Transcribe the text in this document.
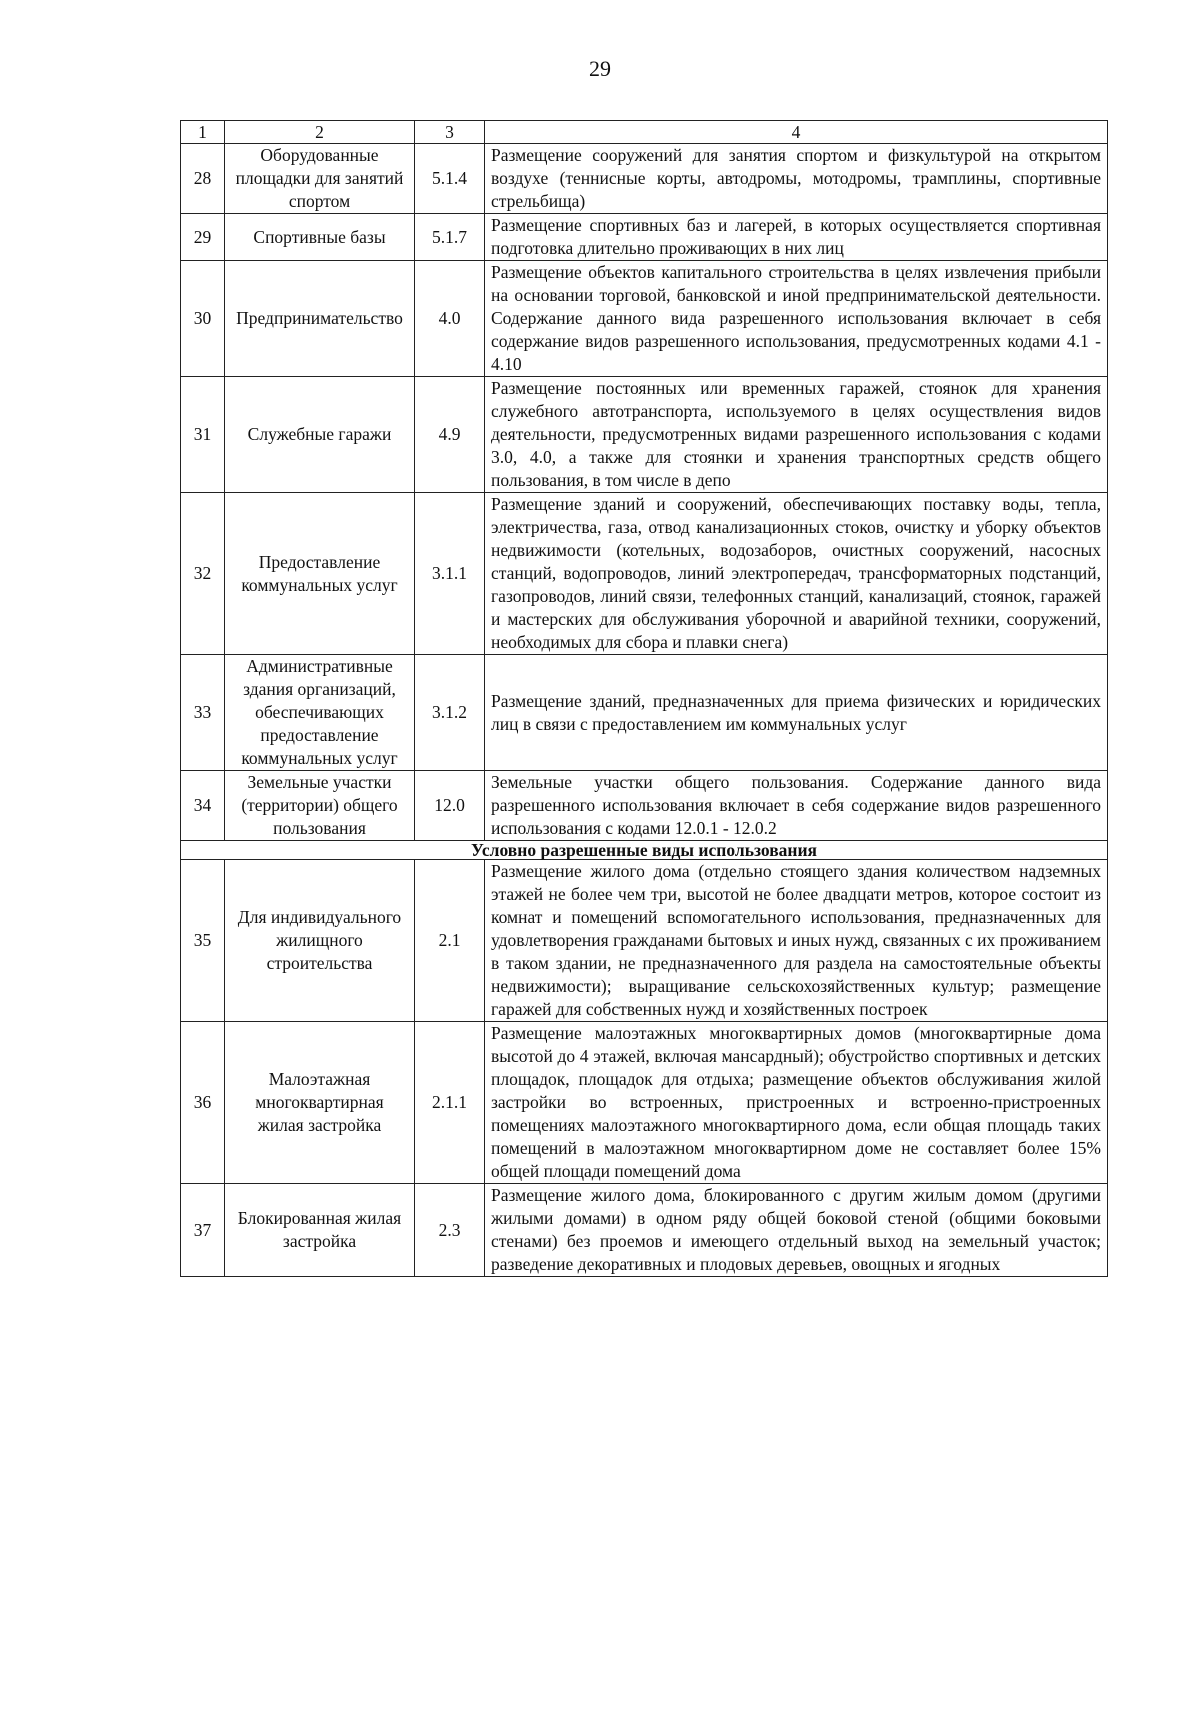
29
1	2	3	4
28	Оборудованные площадки для занятий спортом	5.1.4	Размещение сооружений для занятия спортом и физкультурой на открытом воздухе (теннисные корты, автодромы, мотодромы, трамплины, спортивные стрельбища)
29	Спортивные базы	5.1.7	Размещение спортивных баз и лагерей, в которых осуществляется спортивная подготовка длительно проживающих в них лиц
30	Предпринимательство	4.0	Размещение объектов капитального строительства в целях извлечения прибыли на основании торговой, банковской и иной предпринимательской деятельности. Содержание данного вида разрешенного использования включает в себя содержание видов разрешенного использования, предусмотренных кодами 4.1 - 4.10
31	Служебные гаражи	4.9	Размещение постоянных или временных гаражей, стоянок для хранения служебного автотранспорта, используемого в целях осуществления видов деятельности, предусмотренных видами разрешенного использования с кодами 3.0, 4.0, а также для стоянки и хранения транспортных средств общего пользования, в том числе в депо
32	Предоставление коммунальных услуг	3.1.1	Размещение зданий и сооружений, обеспечивающих поставку воды, тепла, электричества, газа, отвод канализационных стоков, очистку и уборку объектов недвижимости (котельных, водозаборов, очистных сооружений, насосных станций, водопроводов, линий электропередач, трансформаторных подстанций, газопроводов, линий связи, телефонных станций, канализаций, стоянок, гаражей и мастерских для обслуживания уборочной и аварийной техники, сооружений, необходимых для сбора и плавки снега)
33	Административные здания организаций, обеспечивающих предоставление коммунальных услуг	3.1.2	Размещение зданий, предназначенных для приема физических и юридических лиц в связи с предоставлением им коммунальных услуг
34	Земельные участки (территории) общего пользования	12.0	Земельные участки общего пользования. Содержание данного вида разрешенного использования включает в себя содержание видов разрешенного использования с кодами 12.0.1 - 12.0.2
Условно разрешенные виды использования			
35	Для индивидуального жилищного строительства	2.1	Размещение жилого дома (отдельно стоящего здания количеством надземных этажей не более чем три, высотой не более двадцати метров, которое состоит из комнат и помещений вспомогательного использования, предназначенных для удовлетворения гражданами бытовых и иных нужд, связанных с их проживанием в таком здании, не предназначенного для раздела на самостоятельные объекты недвижимости); выращивание сельскохозяйственных культур; размещение гаражей для собственных нужд и хозяйственных построек
36	Малоэтажная многоквартирная жилая застройка	2.1.1	Размещение малоэтажных многоквартирных домов (многоквартирные дома высотой до 4 этажей, включая мансардный); обустройство спортивных и детских площадок, площадок для отдыха; размещение объектов обслуживания жилой застройки во встроенных, пристроенных и встроенно-пристроенных помещениях малоэтажного многоквартирного дома, если общая площадь таких помещений в малоэтажном многоквартирном доме не составляет более 15% общей площади помещений дома
37	Блокированная жилая застройка	2.3	Размещение жилого дома, блокированного с другим жилым домом (другими жилыми домами) в одном ряду общей боковой стеной (общими боковыми стенами) без проемов и имеющего отдельный выход на земельный участок; разведение декоративных и плодовых деревьев, овощных и ягодных
